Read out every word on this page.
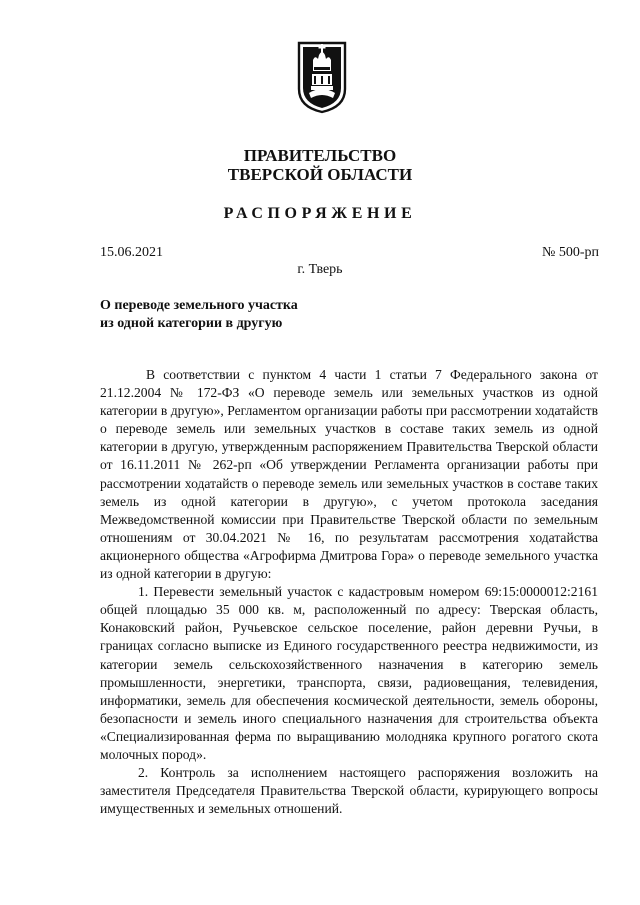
ПРАВИТЕЛЬСТВО
ТВЕРСКОЙ ОБЛАСТИ
РАСПОРЯЖЕНИЕ
15.06.2021	№ 500-рп
г. Тверь
О переводе земельного участка
из одной категории в другую

В соответствии с пунктом 4 части 1 статьи 7 Федерального закона от 21.12.2004 № 172-ФЗ «О переводе земель или земельных участков из одной категории в другую», Регламентом организации работы при рассмотрении ходатайств о переводе земель или земельных участков в составе таких земель из одной категории в другую, утвержденным распоряжением Правительства Тверской области от 16.11.2011 № 262-рп «Об утверждении Регламента организации работы при рассмотрении ходатайств о переводе земель или земельных участков в составе таких земель из одной категории в другую», с учетом протокола заседания Межведомственной комиссии при Правительстве Тверской области по земельным отношениям от 30.04.2021 № 16, по результатам рассмотрения ходатайства акционерного общества «Агрофирма Дмитрова Гора» о переводе земельного участка из одной категории в другую:

1. Перевести земельный участок с кадастровым номером 69:15:0000012:2161 общей площадью 35 000 кв. м, расположенный по адресу: Тверская область, Конаковский район, Ручьевское сельское поселение, район деревни Ручьи, в границах согласно выписке из Единого государственного реестра недвижимости, из категории земель сельскохозяйственного назначения в категорию земель промышленности, энергетики, транспорта, связи, радиовещания, телевидения, информатики, земель для обеспечения космической деятельности, земель обороны, безопасности и земель иного специального назначения для строительства объекта «Специализированная ферма по выращиванию молодняка крупного рогатого скота молочных пород».

2. Контроль за исполнением настоящего распоряжения возложить на заместителя Председателя Правительства Тверской области, курирующего вопросы имущественных и земельных отношений.
